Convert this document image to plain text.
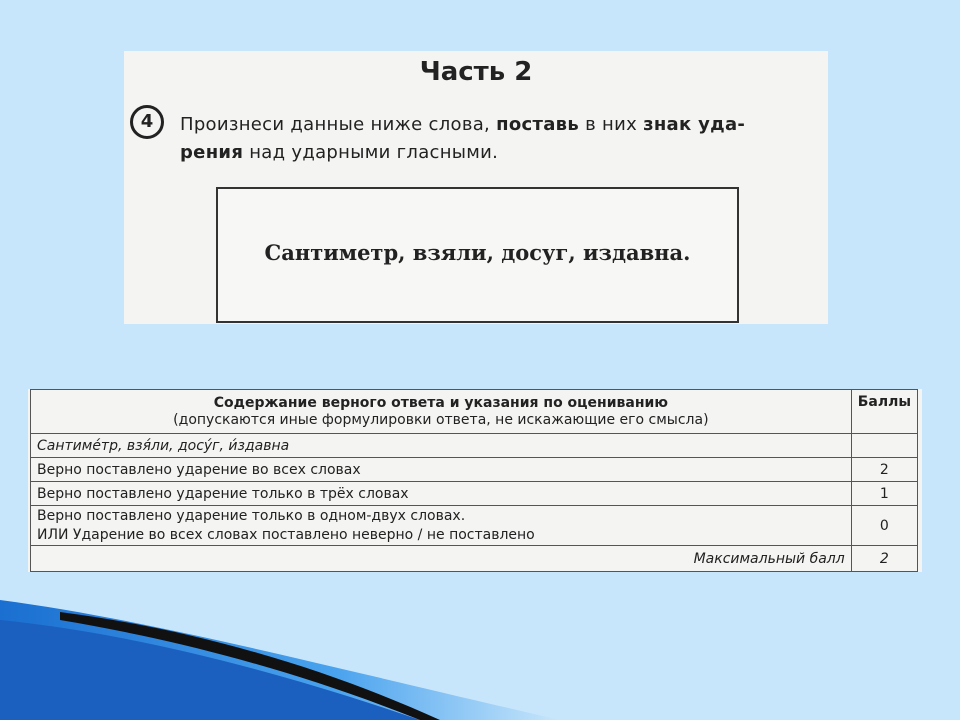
Часть 2
4	Произнеси данные ниже слова, поставь в них знак уда-
рения над ударными гласными.
Сантиметр, взяли, досуг, издавна.
Содержание верного ответа и указания по оцениванию
(допускаются иные формулировки ответа, не искажающие его смысла)	Баллы
Сантиме́тр, взя́ли, досу́г, и́здавна	
Верно поставлено ударение во всех словах	2
Верно поставлено ударение только в трёх словах	1
Верно поставлено ударение только в одном-двух словах.
ИЛИ Ударение во всех словах поставлено неверно / не поставлено	0
Максимальный балл	2
